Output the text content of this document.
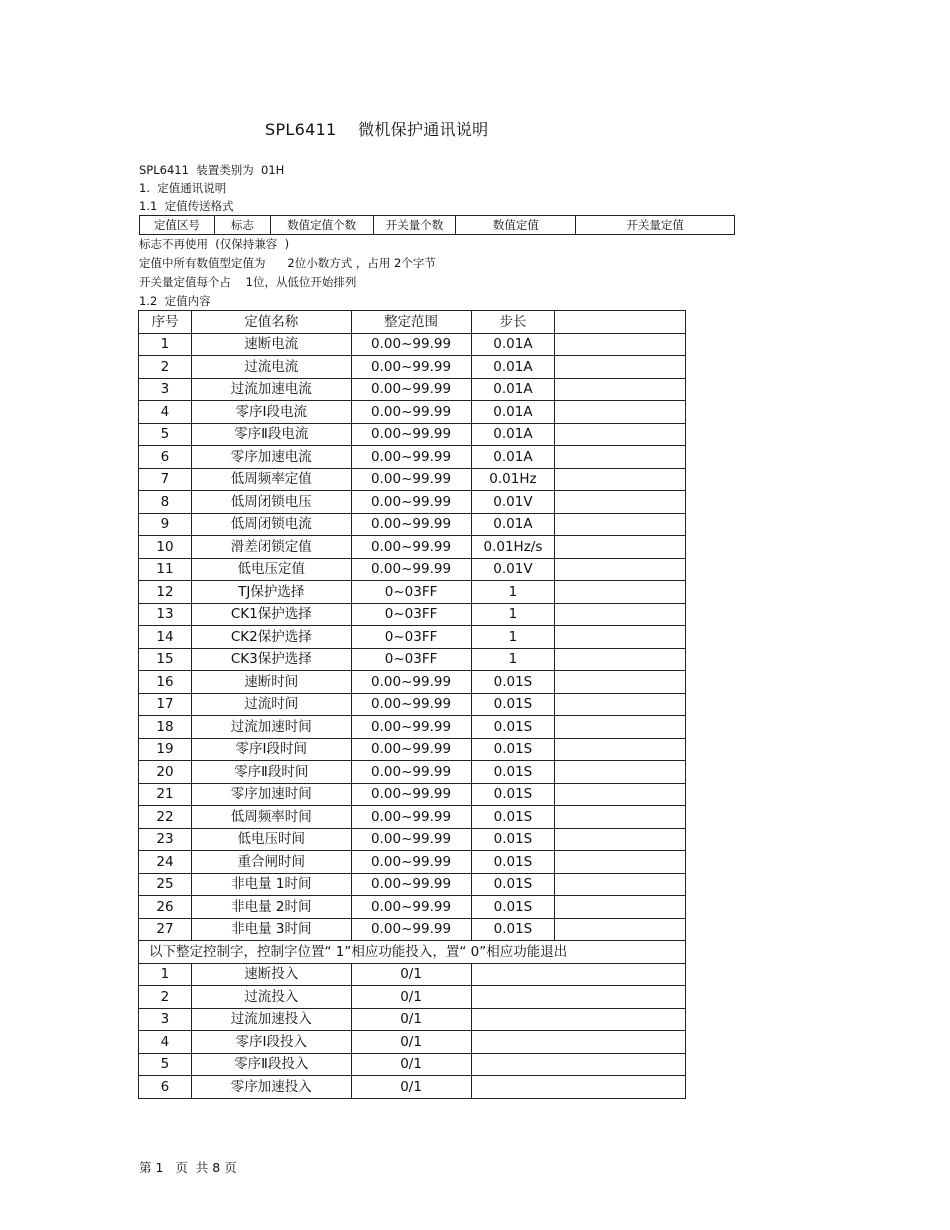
SPL6411    微机保护通讯说明
SPL6411  装置类别为  01H
1.  定值通讯说明
1.1  定值传送格式
定值区号	标志	数值定值个数	开关量个数	数值定值	开关量定值
标志不再使用  (仅保持兼容  )
定值中所有数值型定值为      2位小数方式 ，占用 2个字节
开关量定值每个占    1位，从低位开始排列
1.2  定值内容
序号	定值名称	整定范围	步长	
1	速断电流	0.00~99.99	0.01A	
2	过流电流	0.00~99.99	0.01A	
3	过流加速电流	0.00~99.99	0.01A	
4	零序Ⅰ段电流	0.00~99.99	0.01A	
5	零序Ⅱ段电流	0.00~99.99	0.01A	
6	零序加速电流	0.00~99.99	0.01A	
7	低周频率定值	0.00~99.99	0.01Hz	
8	低周闭锁电压	0.00~99.99	0.01V	
9	低周闭锁电流	0.00~99.99	0.01A	
10	滑差闭锁定值	0.00~99.99	0.01Hz/s	
11	低电压定值	0.00~99.99	0.01V	
12	TJ保护选择	0~03FF	1	
13	CK1保护选择	0~03FF	1	
14	CK2保护选择	0~03FF	1	
15	CK3保护选择	0~03FF	1	
16	速断时间	0.00~99.99	0.01S	
17	过流时间	0.00~99.99	0.01S	
18	过流加速时间	0.00~99.99	0.01S	
19	零序Ⅰ段时间	0.00~99.99	0.01S	
20	零序Ⅱ段时间	0.00~99.99	0.01S	
21	零序加速时间	0.00~99.99	0.01S	
22	低周频率时间	0.00~99.99	0.01S	
23	低电压时间	0.00~99.99	0.01S	
24	重合闸时间	0.00~99.99	0.01S	
25	非电量 1时间	0.00~99.99	0.01S	
26	非电量 2时间	0.00~99.99	0.01S	
27	非电量 3时间	0.00~99.99	0.01S	
以下整定控制字，控制字位置“ 1”相应功能投入，置“ 0”相应功能退出				
1	速断投入	0/1		
2	过流投入	0/1		
3	过流加速投入	0/1		
4	零序Ⅰ段投入	0/1		
5	零序Ⅱ段投入	0/1		
6	零序加速投入	0/1		
第 1   页  共 8 页
